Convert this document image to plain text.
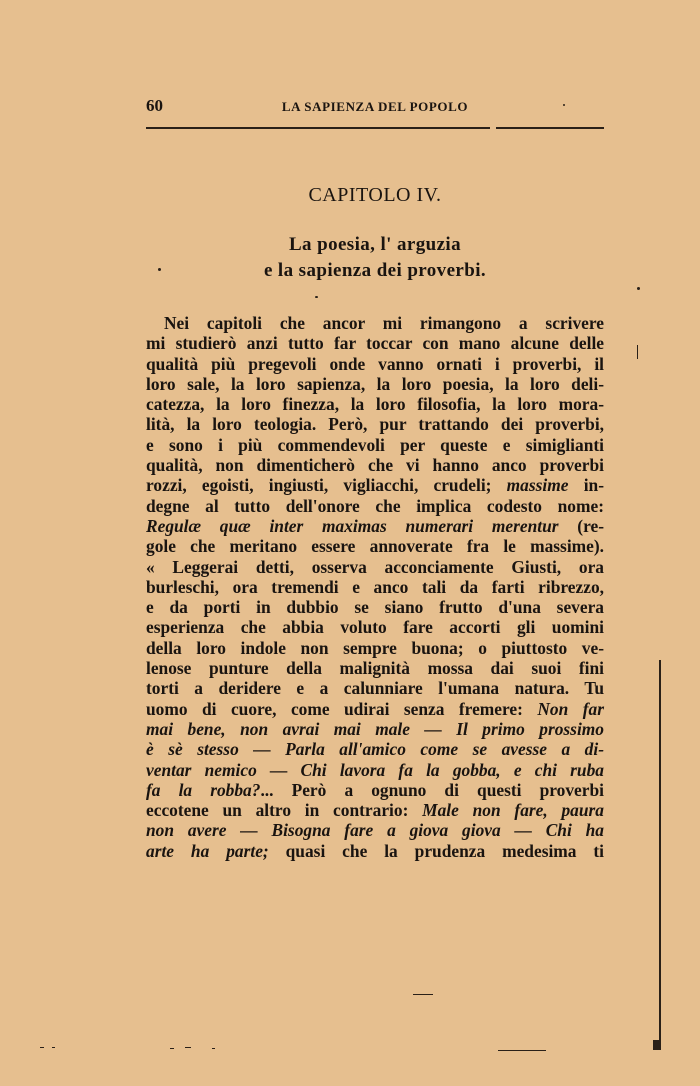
60	LA SAPIENZA DEL POPOLO
CAPITOLO IV.
La poesia, l' arguzia
e la sapienza dei proverbi.
Nei capitoli che ancor mi rimangono a scrivere
mi studierò anzi tutto far toccar con mano alcune delle
qualità più pregevoli onde vanno ornati i proverbi, il
loro sale, la loro sapienza, la loro poesia, la loro deli-
catezza, la loro finezza, la loro filosofia, la loro mora-
lità, la loro teologia. Però, pur trattando dei proverbi,
e sono i più commendevoli per queste e simiglianti
qualità, non dimenticherò che vi hanno anco proverbi
rozzi, egoisti, ingiusti, vigliacchi, crudeli; massime in-
degne al tutto dell'onore che implica codesto nome:
Regulæ quæ inter maximas numerari merentur (re-
gole che meritano essere annoverate fra le massime).
« Leggerai detti, osserva acconciamente Giusti, ora
burleschi, ora tremendi e anco tali da farti ribrezzo,
e da porti in dubbio se siano frutto d'una severa
esperienza che abbia voluto fare accorti gli uomini
della loro indole non sempre buona; o piuttosto ve-
lenose punture della malignità mossa dai suoi fini
torti a deridere e a calunniare l'umana natura. Tu
uomo di cuore, come udirai senza fremere: Non far
mai bene, non avrai mai male — Il primo prossimo
è sè stesso — Parla all'amico come se avesse a di-
ventar nemico — Chi lavora fa la gobba, e chi ruba
fa la robba?... Però a ognuno di questi proverbi
eccotene un altro in contrario: Male non fare, paura
non avere — Bisogna fare a giova giova — Chi ha
arte ha parte; quasi che la prudenza medesima ti
